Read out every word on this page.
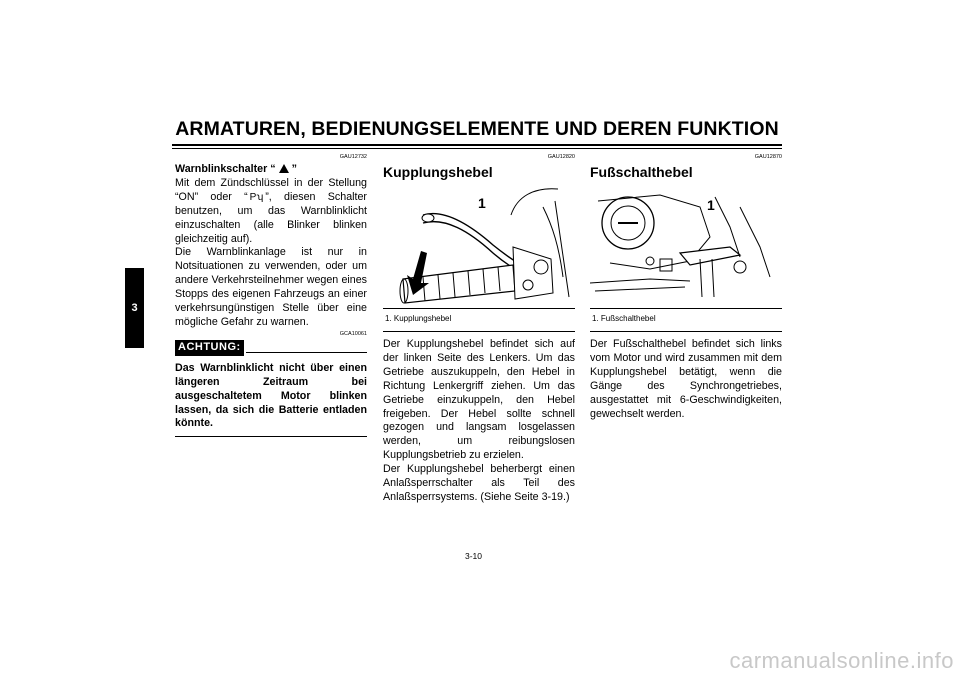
ARMATUREN, BEDIENUNGSELEMENTE UND DEREN FUNKTION
3
GAU12732
Warnblinkschalter “ ”
Mit dem Zündschlüssel in der Stellung “ON” oder “ Pʮ ”, diesen Schalter benutzen, um das Warnblinklicht einzuschalten (alle Blinker blinken gleichzeitig auf).
Die Warnblinkanlage ist nur in Notsituationen zu verwenden, oder um andere Verkehrsteilnehmer wegen eines Stopps des eigenen Fahrzeugs an einer verkehrsungünstigen Stelle über eine mögliche Gefahr zu warnen.
GCA10061
ACHTUNG:
Das Warnblinklicht nicht über einen längeren Zeitraum bei ausgeschaltetem Motor blinken lassen, da sich die Batterie entladen könnte.
GAU12820
Kupplungshebel
1
1. Kupplungshebel
Der Kupplungshebel befindet sich auf der linken Seite des Lenkers. Um das Getriebe auszukuppeln, den Hebel in Richtung Lenkergriff ziehen. Um das Getriebe einzukuppeln, den Hebel freigeben. Der Hebel sollte schnell gezogen und langsam losgelassen werden, um reibungslosen Kupplungsbetrieb zu erzielen.
Der Kupplungshebel beherbergt einen Anlaßsperrschalter als Teil des Anlaßsperrsystems. (Siehe Seite 3-19.)
GAU12870
Fußschalthebel
1
1. Fußschalthebel
Der Fußschalthebel befindet sich links vom Motor und wird zusammen mit dem Kupplungshebel betätigt, wenn die Gänge des Synchrongetriebes, ausgestattet mit 6-Geschwindigkeiten, gewechselt werden.
3-10
carmanualsonline.info
